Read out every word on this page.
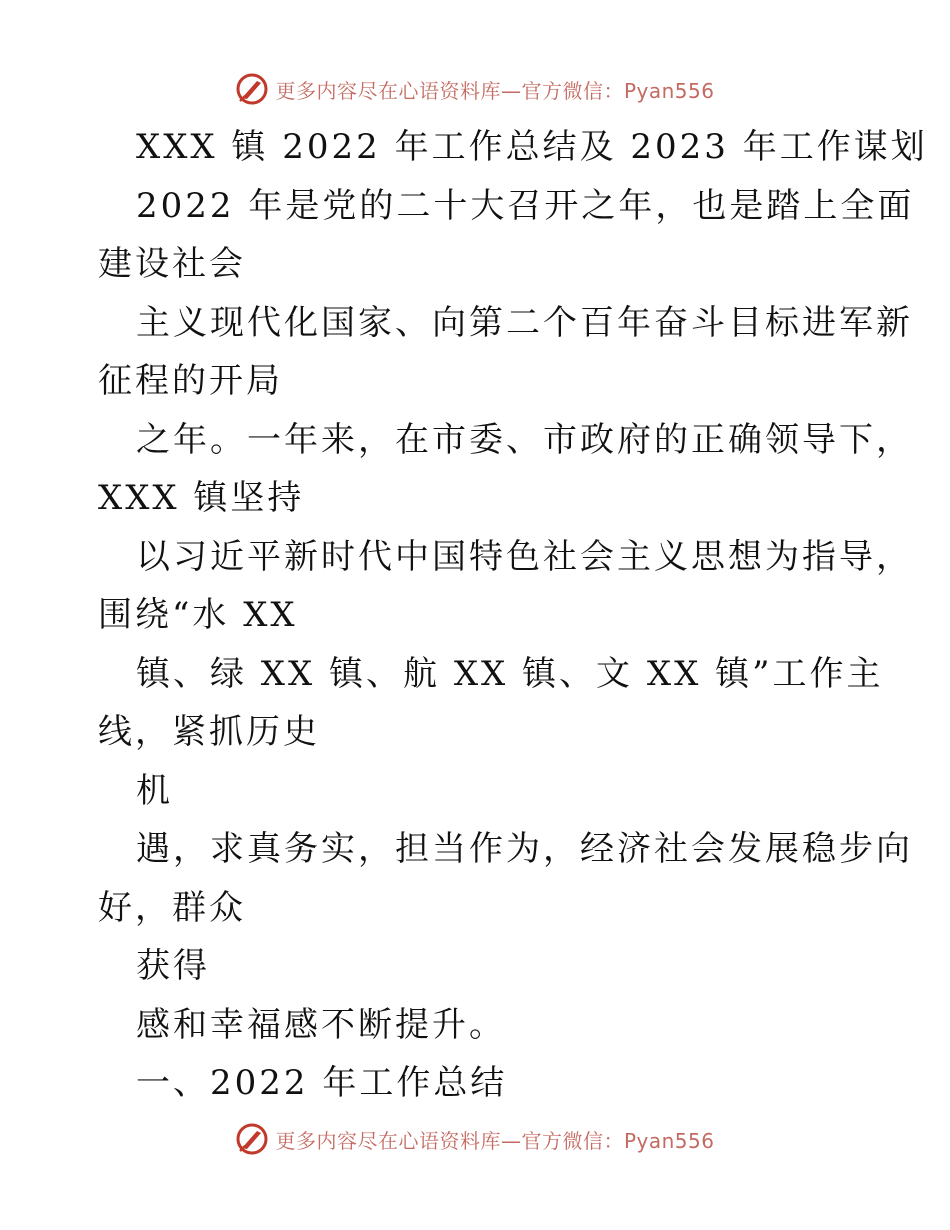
更多内容尽在心语资料库—官方微信：Pyan556
XXX 镇 2022 年工作总结及 2023 年工作谋划
2022 年是党的二十大召开之年，也是踏上全面
建设社会
主义现代化国家、向第二个百年奋斗目标进军新
征程的开局
之年。一年来，在市委、市政府的正确领导下，
XXX 镇坚持
以习近平新时代中国特色社会主义思想为指导，
围绕“水 XX
镇、绿 XX 镇、航 XX 镇、文 XX 镇”工作主
线，紧抓历史
机
遇，求真务实，担当作为，经济社会发展稳步向
好，群众
获得
感和幸福感不断提升。
一、2022 年工作总结
更多内容尽在心语资料库—官方微信：Pyan556
